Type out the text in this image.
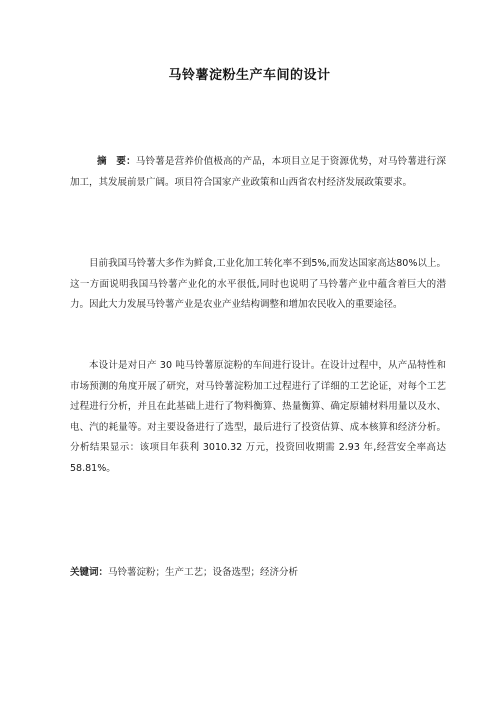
马铃薯淀粉生产车间的设计

摘　要：马铃薯是营养价值极高的产品，本项目立足于资源优势，对马铃薯进行深加工，其发展前景广阔。项目符合国家产业政策和山西省农村经济发展政策要求。

目前我国马铃薯大多作为鲜食,工业化加工转化率不到5%,而发达国家高达80%以上。这一方面说明我国马铃薯产业化的水平很低,同时也说明了马铃薯产业中蕴含着巨大的潜力。因此大力发展马铃薯产业是农业产业结构调整和增加农民收入的重要途径。

本设计是对日产 30 吨马铃薯原淀粉的车间进行设计。在设计过程中，从产品特性和市场预测的角度开展了研究，对马铃薯淀粉加工过程进行了详细的工艺论证，对每个工艺过程进行分析，并且在此基础上进行了物料衡算、热量衡算、确定原辅材料用量以及水、电、汽的耗量等。对主要设备进行了选型，最后进行了投资估算、成本核算和经济分析。分析结果显示：该项目年获利 3010.32 万元，投资回收期需 2.93 年,经营安全率高达 58.81%。

关键词：马铃薯淀粉；生产工艺；设备选型；经济分析
